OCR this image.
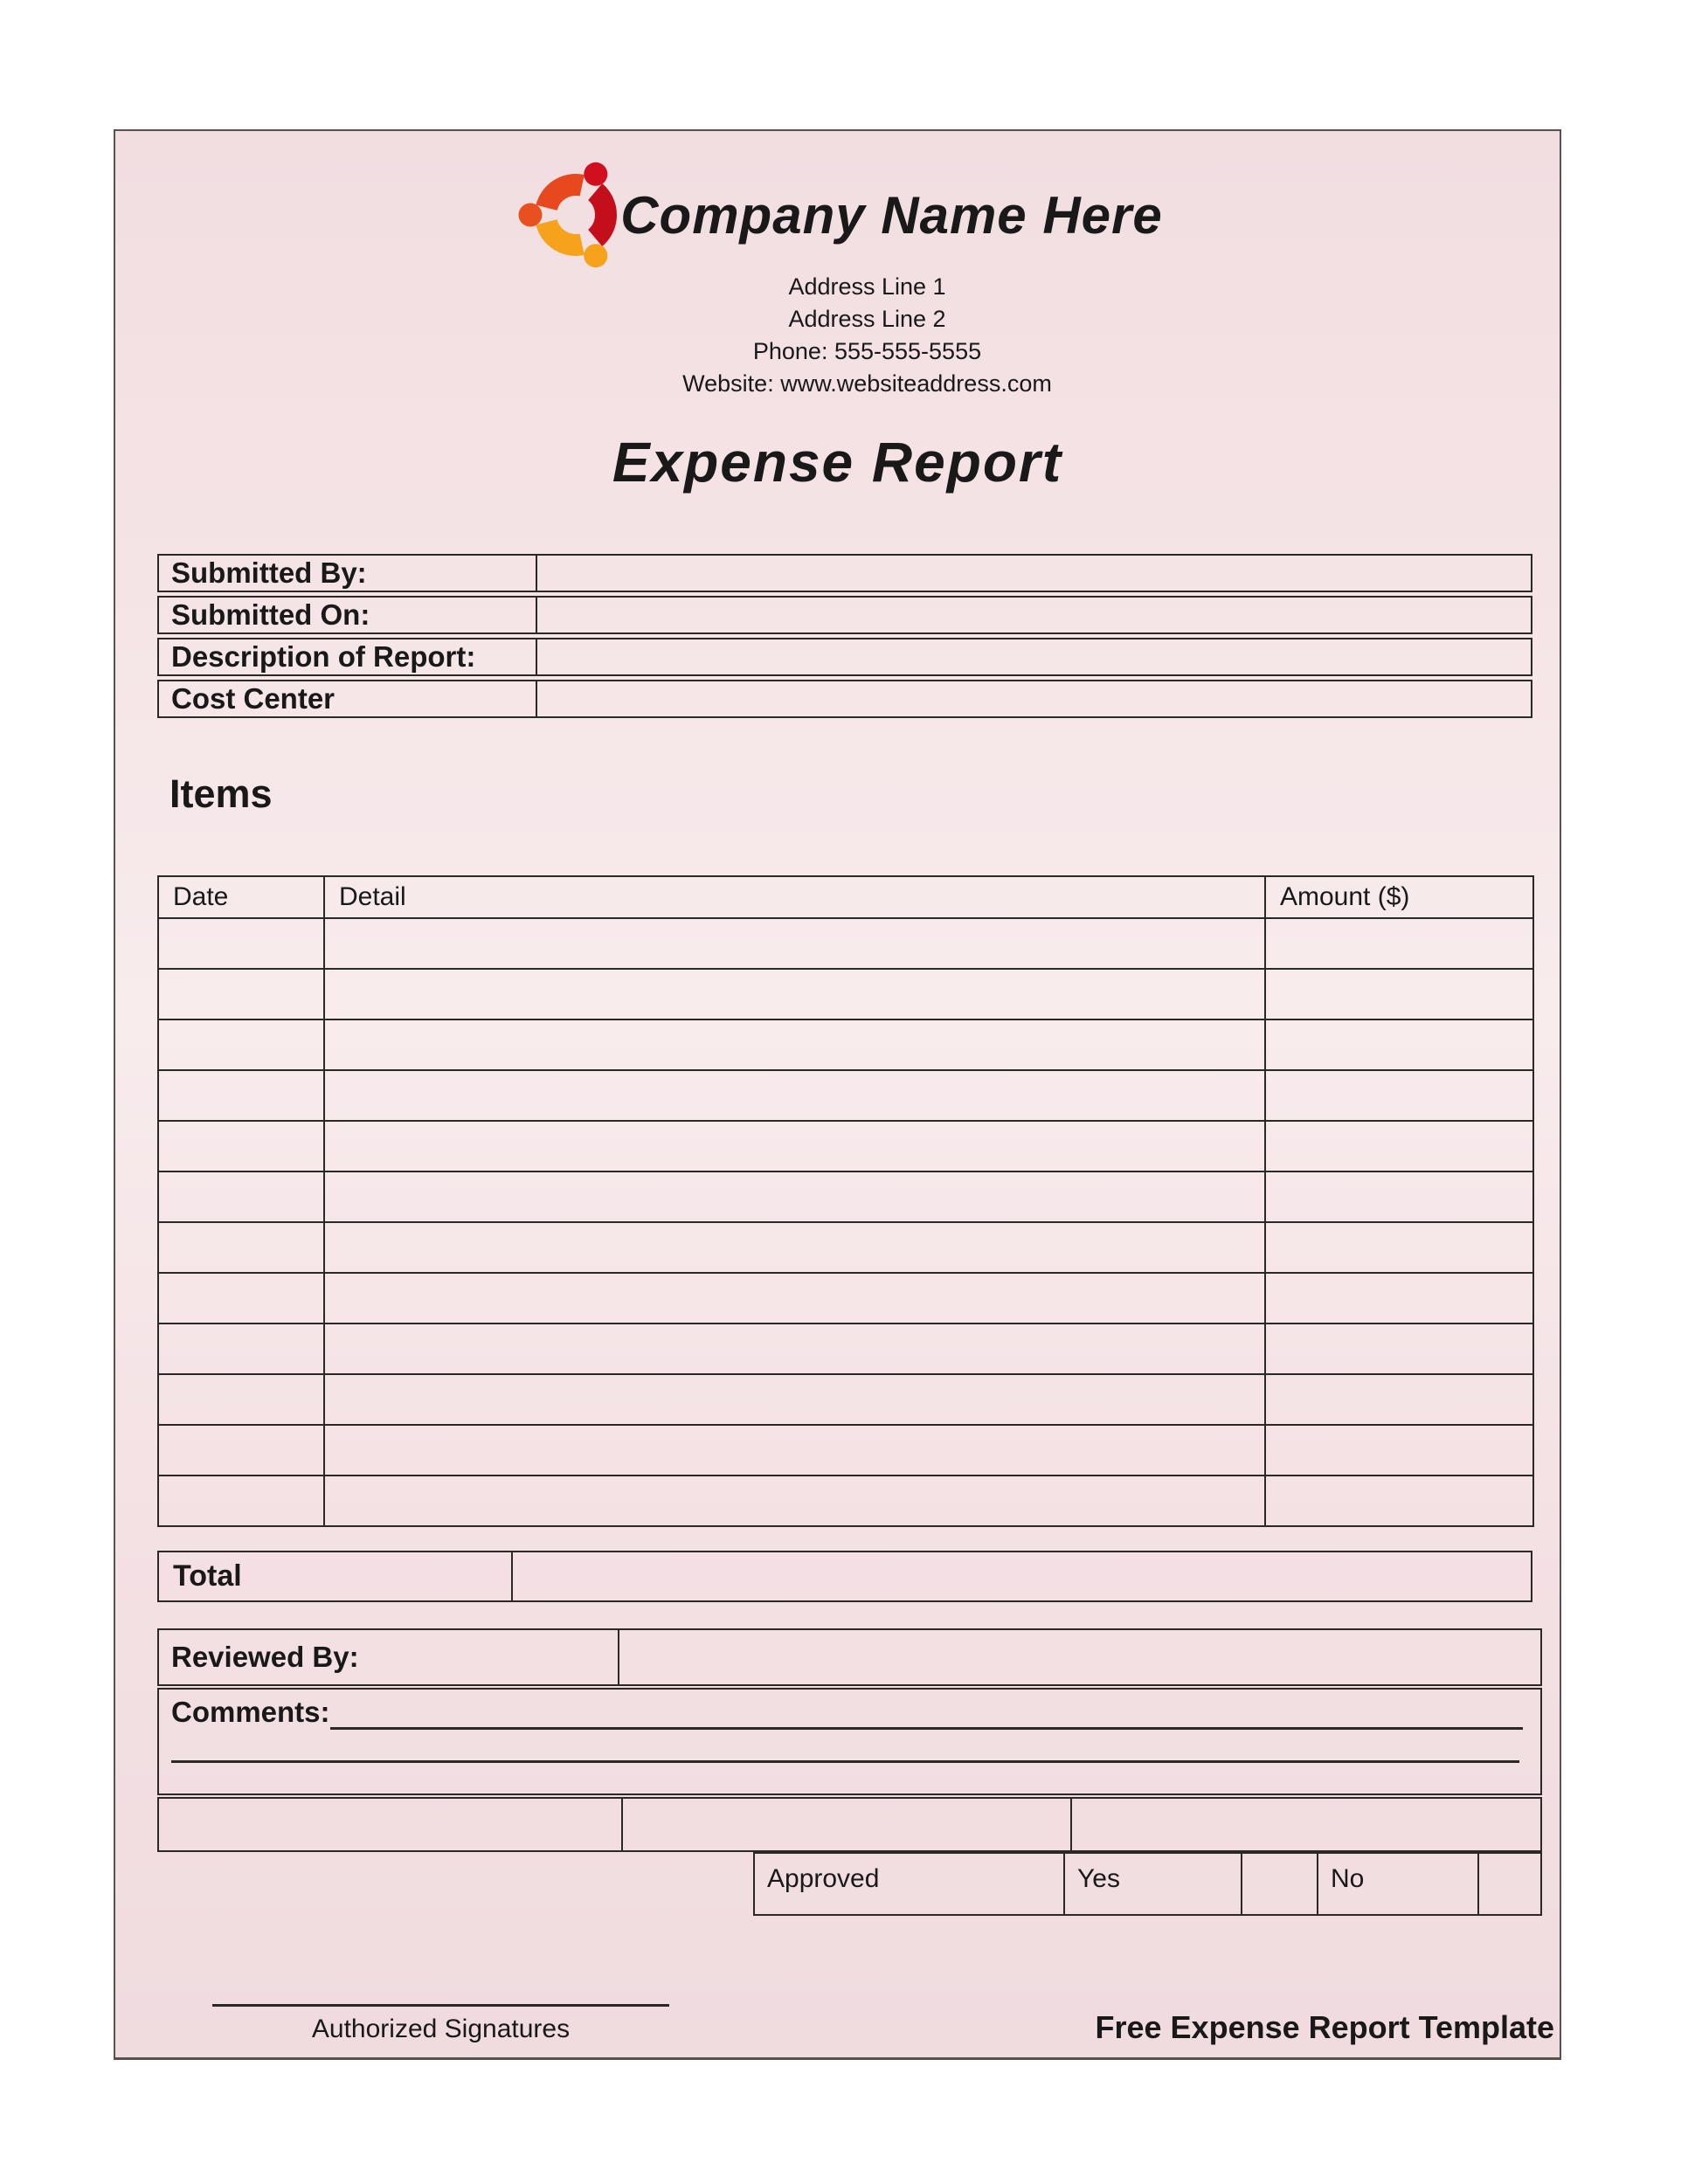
Company Name Here
Address Line 1
Address Line 2
Phone: 555-555-5555
Website: www.websiteaddress.com
Expense Report
Submitted By:
Submitted On:
Description of Report:
Cost Center
Items
Date	Detail	Amount ($)

Total
Reviewed By:
Comments:
Approved	Yes	No
Authorized Signatures	Free Expense Report Template
